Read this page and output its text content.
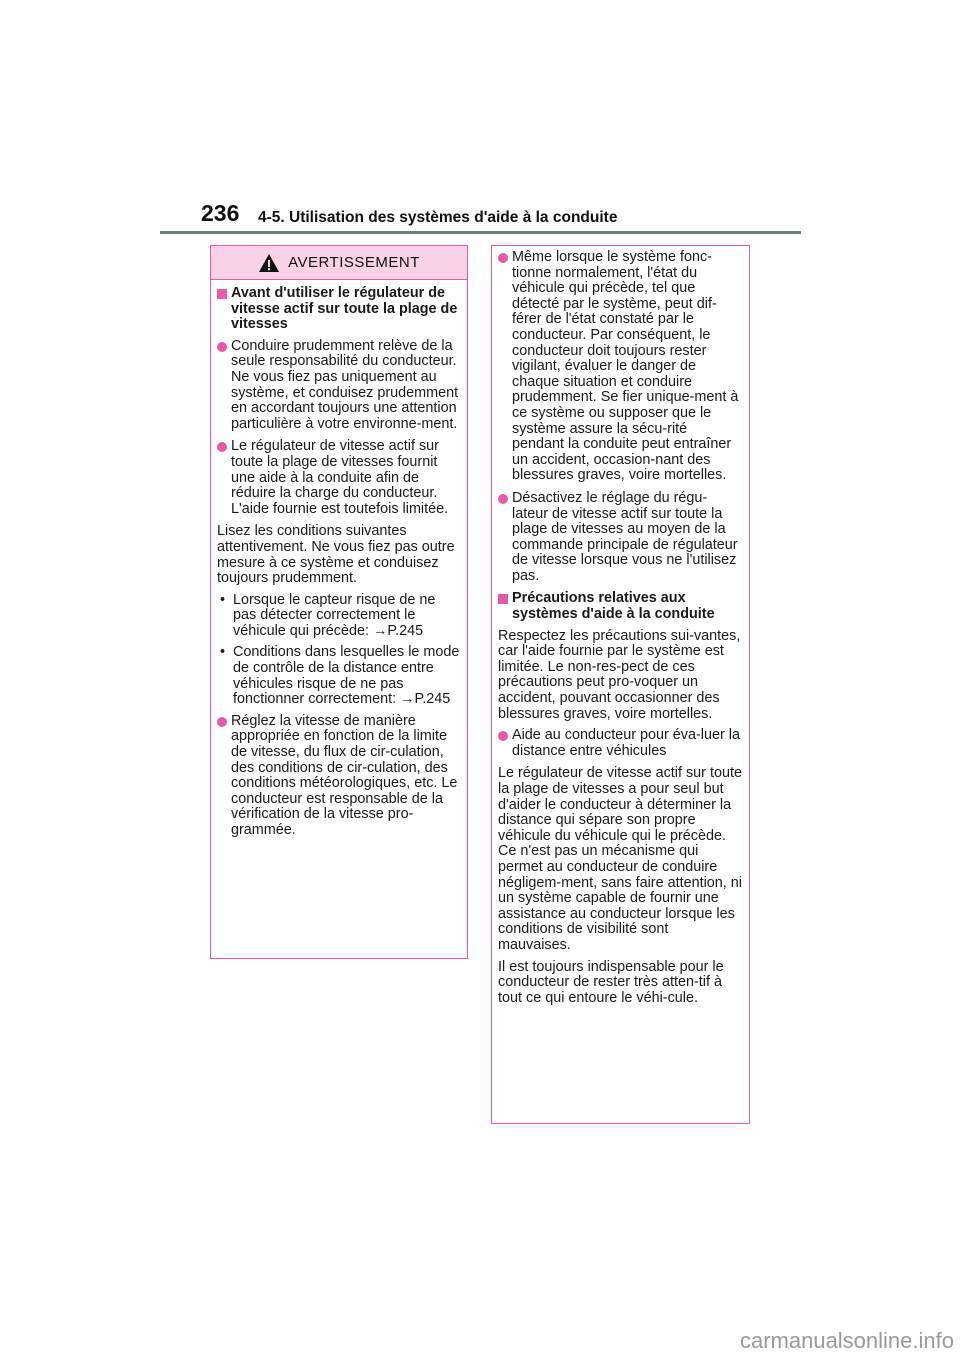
236 4-5. Utilisation des systèmes d'aide à la conduite
AVERTISSEMENT
Avant d'utiliser le régulateur de vitesse actif sur toute la plage de vitesses
Conduire prudemment relève de la seule responsabilité du conducteur. Ne vous fiez pas uniquement au système, et conduisez prudemment en accordant toujours une attention particulière à votre environne-ment.
Le régulateur de vitesse actif sur toute la plage de vitesses fournit une aide à la conduite afin de réduire la charge du conducteur. L'aide fournie est toutefois limitée.
Lisez les conditions suivantes attentivement. Ne vous fiez pas outre mesure à ce système et conduisez toujours prudemment.
• Lorsque le capteur risque de ne pas détecter correctement le véhicule qui précède: →P.245
• Conditions dans lesquelles le mode de contrôle de la distance entre véhicules risque de ne pas fonctionner correctement: →P.245
Réglez la vitesse de manière appropriée en fonction de la limite de vitesse, du flux de cir-culation, des conditions de cir-culation, des conditions météorologiques, etc. Le conducteur est responsable de la vérification de la vitesse pro-grammée.
Même lorsque le système fonc-tionne normalement, l'état du véhicule qui précède, tel que détecté par le système, peut dif-férer de l'état constaté par le conducteur. Par conséquent, le conducteur doit toujours rester vigilant, évaluer le danger de chaque situation et conduire prudemment. Se fier unique-ment à ce système ou supposer que le système assure la sécu-rité pendant la conduite peut entraîner un accident, occasion-nant des blessures graves, voire mortelles.
Désactivez le réglage du régu-lateur de vitesse actif sur toute la plage de vitesses au moyen de la commande principale de régulateur de vitesse lorsque vous ne l'utilisez pas.
Précautions relatives aux systèmes d'aide à la conduite
Respectez les précautions sui-vantes, car l'aide fournie par le système est limitée. Le non-res-pect de ces précautions peut pro-voquer un accident, pouvant occasionner des blessures graves, voire mortelles.
Aide au conducteur pour éva-luer la distance entre véhicules
Le régulateur de vitesse actif sur toute la plage de vitesses a pour seul but d'aider le conducteur à déterminer la distance qui sépare son propre véhicule du véhicule qui le précède. Ce n'est pas un mécanisme qui permet au conducteur de conduire négligem-ment, sans faire attention, ni un système capable de fournir une assistance au conducteur lorsque les conditions de visibilité sont mauvaises.
Il est toujours indispensable pour le conducteur de rester très atten-tif à tout ce qui entoure le véhi-cule.
carmanualsonline.info
